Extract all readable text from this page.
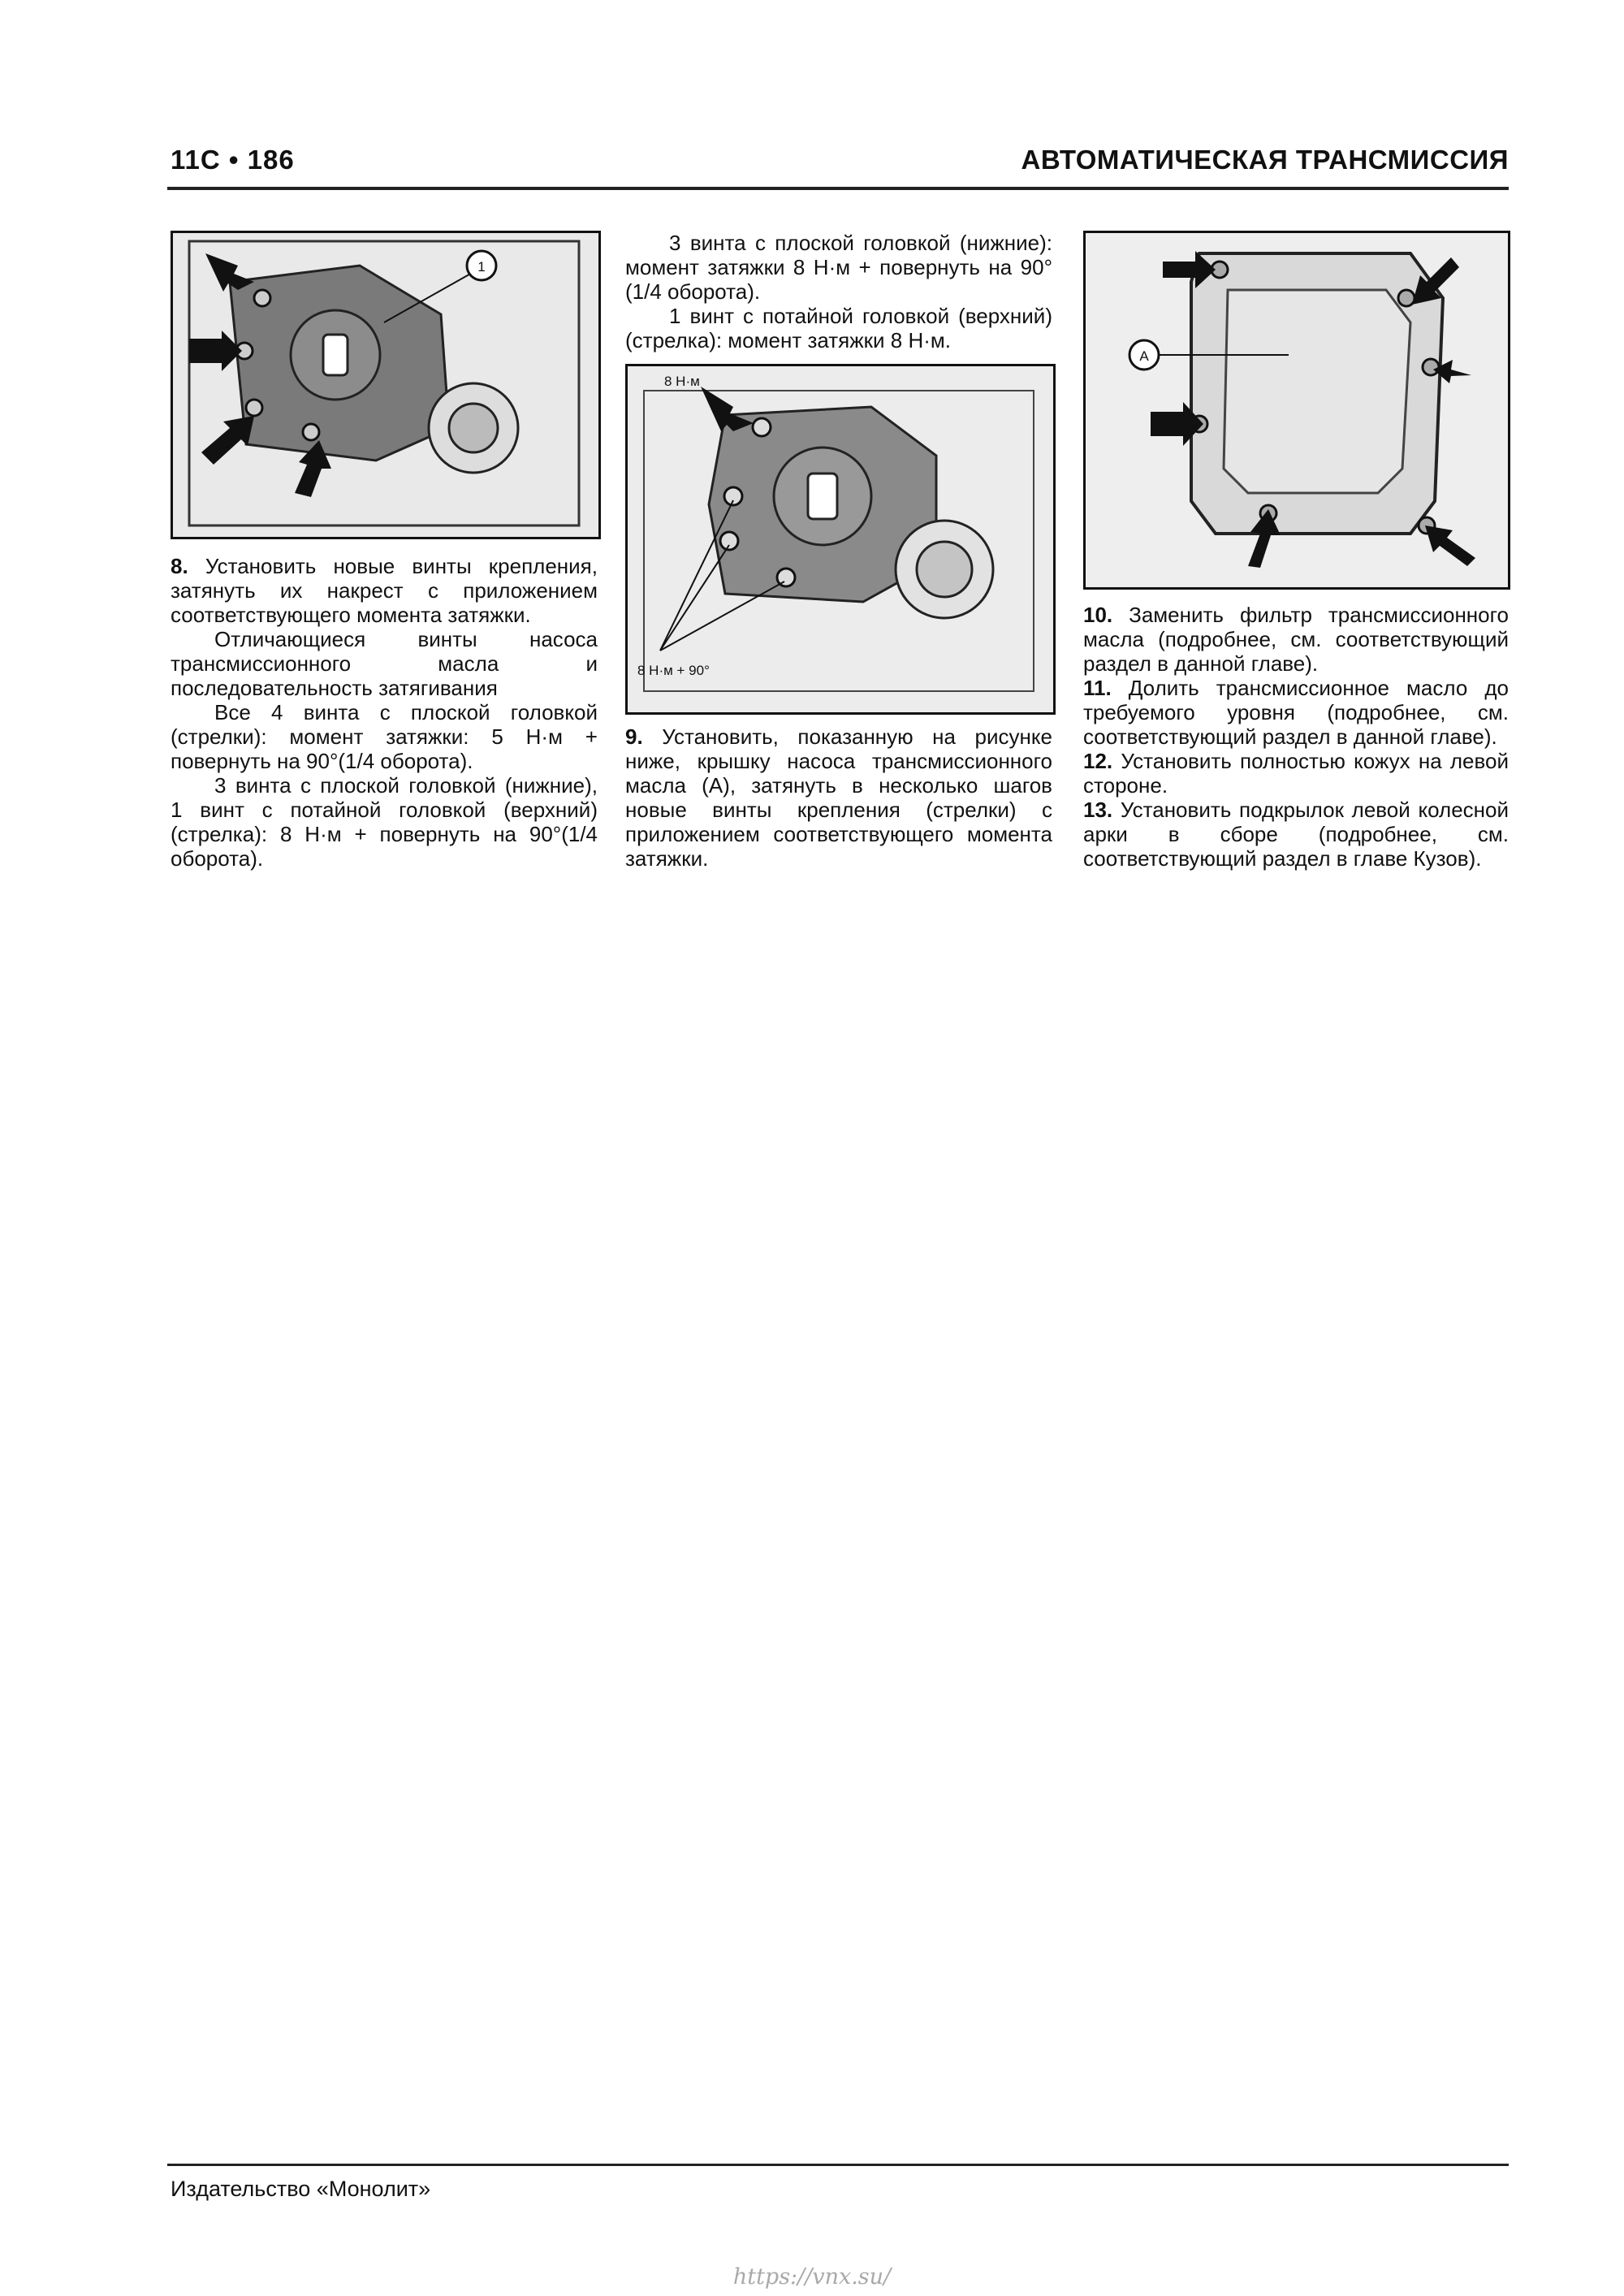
11C • 186	АВТОМАТИЧЕСКАЯ ТРАНСМИССИЯ
1

8. Установить новые винты крепления, затянуть их накрест с приложением соответствующего момента затяжки.

Отличающиеся винты насоса трансмиссионного масла и последовательность затягивания

Все 4 винта с плоской головкой (стрелки): момент затяжки: 5 Н·м + повернуть на 90°(1/4 оборота).

3 винта с плоской головкой (нижние), 1 винт с потайной головкой (верхний) (стрелка): 8 Н·м + повернуть на 90°(1/4 оборота).

3 винта с плоской головкой (нижние): момент затяжки 8 Н·м + повернуть на 90°(1/4 оборота).

1 винт с потайной головкой (верхний) (стрелка): момент затяжки 8 Н·м.

8 Н·м
8 Н·м + 90°

9. Установить, показанную на рисунке ниже, крышку насоса трансмиссионного масла (А), затянуть в несколько шагов новые винты крепления (стрелки) с приложением соответствующего момента затяжки.

A

10. Заменить фильтр трансмиссионного масла (подробнее, см. соответствующий раздел в данной главе).

11. Долить трансмиссионное масло до требуемого уровня (подробнее, см. соответствующий раздел в данной главе).

12. Установить полностью кожух на левой стороне.

13. Установить подкрылок левой колесной арки в сборе (подробнее, см. соответствующий раздел в главе Кузов).

Издательство «Монолит»
https://vnx.su/
